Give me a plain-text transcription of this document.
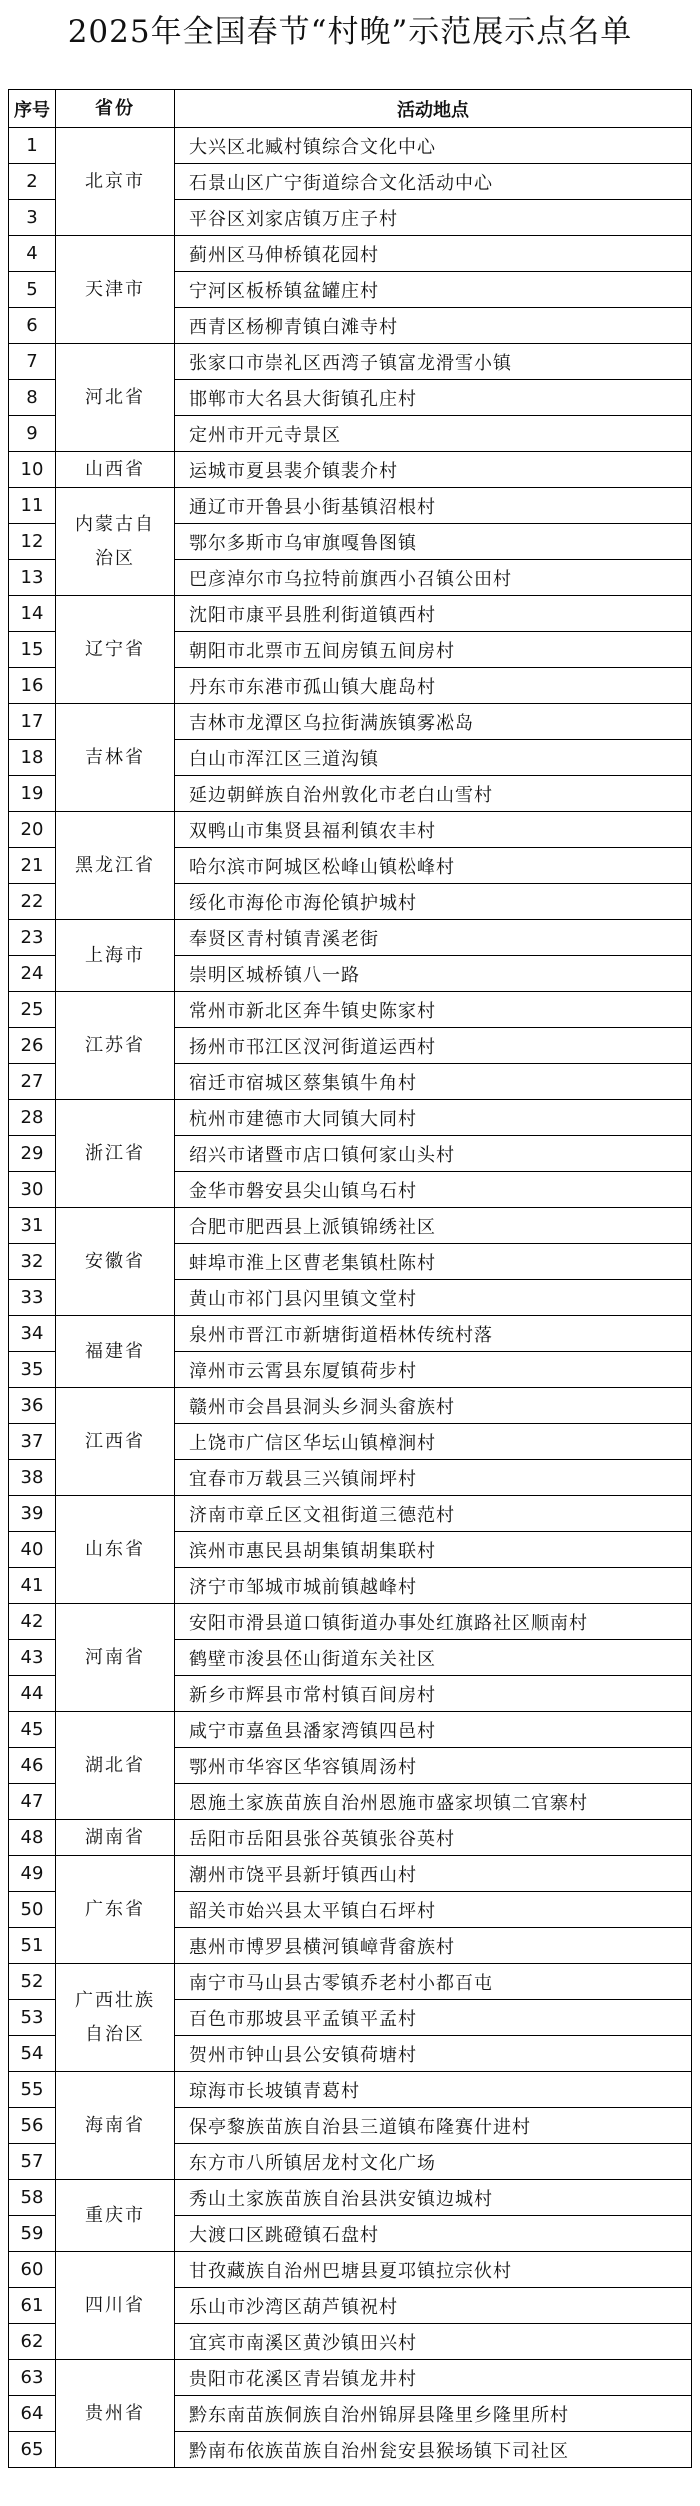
2025年全国春节“村晚”示范展示点名单
序号	省份	活动地点
1	北京市	大兴区北臧村镇综合文化中心
2		石景山区广宁街道综合文化活动中心
3		平谷区刘家店镇万庄子村
4	天津市	蓟州区马伸桥镇花园村
5		宁河区板桥镇盆罐庄村
6		西青区杨柳青镇白滩寺村
7	河北省	张家口市崇礼区西湾子镇富龙滑雪小镇
8		邯郸市大名县大街镇孔庄村
9		定州市开元寺景区
10	山西省	运城市夏县裴介镇裴介村
11	内蒙古自治区	通辽市开鲁县小街基镇沼根村
12		鄂尔多斯市乌审旗嘎鲁图镇
13		巴彦淖尔市乌拉特前旗西小召镇公田村
14	辽宁省	沈阳市康平县胜利街道镇西村
15		朝阳市北票市五间房镇五间房村
16		丹东市东港市孤山镇大鹿岛村
17	吉林省	吉林市龙潭区乌拉街满族镇雾凇岛
18		白山市浑江区三道沟镇
19		延边朝鲜族自治州敦化市老白山雪村
20	黑龙江省	双鸭山市集贤县福利镇农丰村
21		哈尔滨市阿城区松峰山镇松峰村
22		绥化市海伦市海伦镇护城村
23	上海市	奉贤区青村镇青溪老街
24		崇明区城桥镇八一路
25	江苏省	常州市新北区奔牛镇史陈家村
26		扬州市邗江区汊河街道运西村
27		宿迁市宿城区蔡集镇牛角村
28	浙江省	杭州市建德市大同镇大同村
29		绍兴市诸暨市店口镇何家山头村
30		金华市磐安县尖山镇乌石村
31	安徽省	合肥市肥西县上派镇锦绣社区
32		蚌埠市淮上区曹老集镇杜陈村
33		黄山市祁门县闪里镇文堂村
34	福建省	泉州市晋江市新塘街道梧林传统村落
35		漳州市云霄县东厦镇荷步村
36	江西省	赣州市会昌县洞头乡洞头畲族村
37		上饶市广信区华坛山镇樟涧村
38		宜春市万载县三兴镇闹坪村
39	山东省	济南市章丘区文祖街道三德范村
40		滨州市惠民县胡集镇胡集联村
41		济宁市邹城市城前镇越峰村
42	河南省	安阳市滑县道口镇街道办事处红旗路社区顺南村
43		鹤壁市浚县伾山街道东关社区
44		新乡市辉县市常村镇百间房村
45	湖北省	咸宁市嘉鱼县潘家湾镇四邑村
46		鄂州市华容区华容镇周汤村
47		恩施土家族苗族自治州恩施市盛家坝镇二官寨村
48	湖南省	岳阳市岳阳县张谷英镇张谷英村
49	广东省	潮州市饶平县新圩镇西山村
50		韶关市始兴县太平镇白石坪村
51		惠州市博罗县横河镇嶂背畲族村
52	广西壮族自治区	南宁市马山县古零镇乔老村小都百屯
53		百色市那坡县平孟镇平孟村
54		贺州市钟山县公安镇荷塘村
55	海南省	琼海市长坡镇青葛村
56		保亭黎族苗族自治县三道镇布隆赛什进村
57		东方市八所镇居龙村文化广场
58	重庆市	秀山土家族苗族自治县洪安镇边城村
59		大渡口区跳磴镇石盘村
60	四川省	甘孜藏族自治州巴塘县夏邛镇拉宗伙村
61		乐山市沙湾区葫芦镇祝村
62		宜宾市南溪区黄沙镇田兴村
63	贵州省	贵阳市花溪区青岩镇龙井村
64		黔东南苗族侗族自治州锦屏县隆里乡隆里所村
65		黔南布依族苗族自治州瓮安县猴场镇下司社区
